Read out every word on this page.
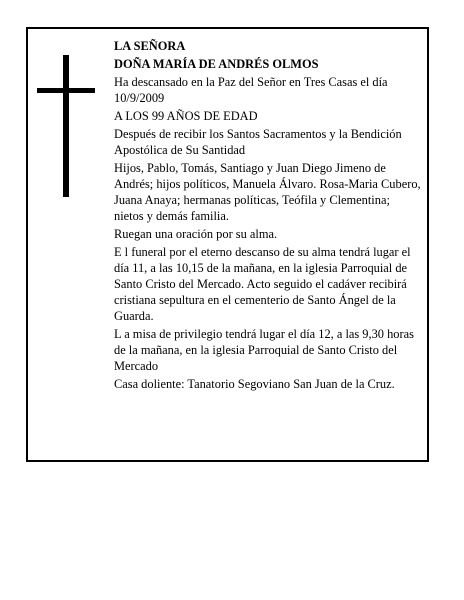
LA SEÑORA

DOÑA MARÍA DE ANDRÉS OLMOS

Ha descansado en la Paz del Señor en Tres Casas el día 10/9/2009

A LOS 99 AÑOS DE EDAD

Después de recibir los Santos Sacramentos y la Bendición Apostólica de Su Santidad

Hijos, Pablo, Tomás, Santiago y Juan Diego Jimeno de Andrés; hijos políticos, Manuela Álvaro. Rosa-Maria Cubero, Juana Anaya; hermanas políticas, Teófila y Clementina; nietos y demás familia.

Ruegan una oración por su alma.

E l funeral por el eterno descanso de su alma tendrá lugar el día 11, a las 10,15 de la mañana, en la iglesia Parroquial de Santo Cristo del Mercado. Acto seguido el cadáver recibirá cristiana sepultura en el cementerio de Santo Ángel de la Guarda.

L a misa de privilegio tendrá lugar el día 12, a las 9,30 horas de la mañana, en la iglesia Parroquial de Santo Cristo del Mercado

Casa doliente: Tanatorio Segoviano San Juan de la Cruz.
